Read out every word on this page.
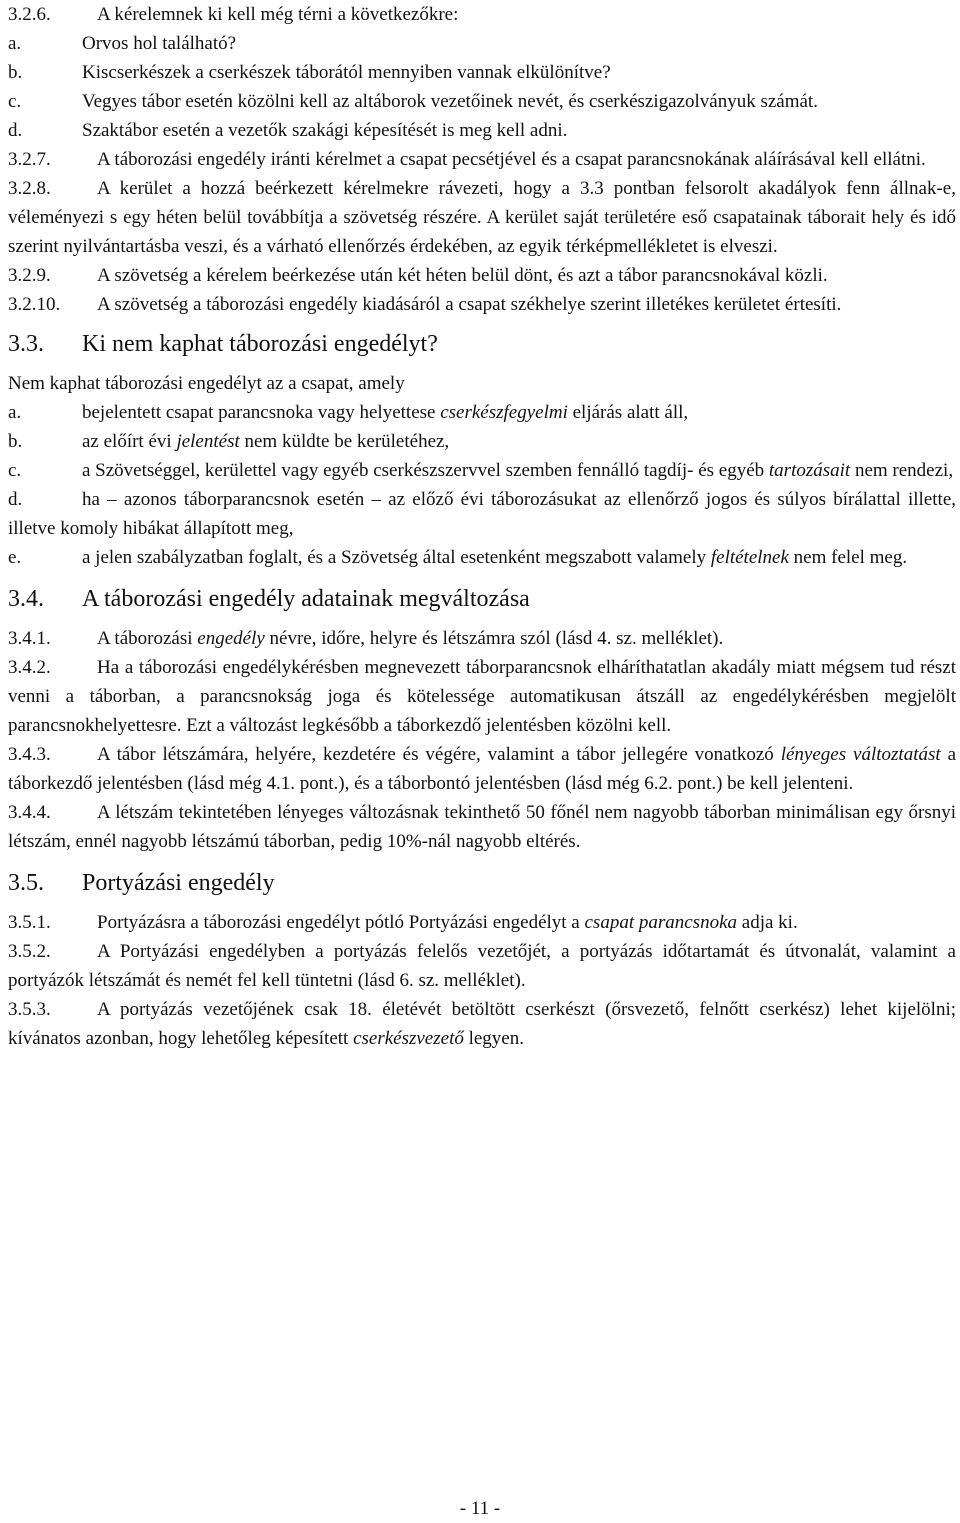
3.2.6. A kérelemnek ki kell még térni a következőkre:

a.	Orvos hol található?

b.	Kiscserkészek a cserkészek táborától mennyiben vannak elkülönítve?

c.	Vegyes tábor esetén közölni kell az altáborok vezetőinek nevét, és cserkészigazolványuk számát.

d.	Szaktábor esetén a vezetők szakági képesítését is meg kell adni.

3.2.7. A táborozási engedély iránti kérelmet a csapat pecsétjével és a csapat parancsnokának aláírásával kell ellátni.

3.2.8. A kerület a hozzá beérkezett kérelmekre rávezeti, hogy a 3.3 pontban felsorolt akadályok fenn állnak-e, véleményezi s egy héten belül továbbítja a szövetség részére. A kerület saját területére eső csapatainak táborait hely és idő szerint nyilvántartásba veszi, és a várható ellenőrzés érdekében, az egyik térképmellékletet is elveszi.

3.2.9. A szövetség a kérelem beérkezése után két héten belül dönt, és azt a tábor parancsnokával közli.

3.2.10. A szövetség a táborozási engedély kiadásáról a csapat székhelye szerint illetékes kerületet értesíti.

3.3. Ki nem kaphat táborozási engedélyt?

Nem kaphat táborozási engedélyt az a csapat, amely

a.	bejelentett csapat parancsnoka vagy helyettese cserkészfegyelmi eljárás alatt áll,

b.	az előírt évi jelentést nem küldte be kerületéhez,

c.	a Szövetséggel, kerülettel vagy egyéb cserkészszervvel szemben fennálló tagdíj- és egyéb tartozásait nem rendezi,

d.	ha – azonos táborparancsnok esetén – az előző évi táborozásukat az ellenőrző jogos és súlyos bírálattal illette, illetve komoly hibákat állapított meg,

e.	a jelen szabályzatban foglalt, és a Szövetség által esetenként megszabott valamely feltételnek nem felel meg.

3.4. A táborozási engedély adatainak megváltozása

3.4.1. A táborozási engedély névre, időre, helyre és létszámra szól (lásd 4. sz. melléklet).

3.4.2. Ha a táborozási engedélykérésben megnevezett táborparancsnok elháríthatatlan akadály miatt mégsem tud részt venni a táborban, a parancsnokság joga és kötelessége automatikusan átszáll az engedélykérésben megjelölt parancsnokhelyettesre. Ezt a változást legkésőbb a táborkezdő jelentésben közölni kell.

3.4.3. A tábor létszámára, helyére, kezdetére és végére, valamint a tábor jellegére vonatkozó lényeges változtatást a táborkezdő jelentésben (lásd még 4.1. pont.), és a táborbontó jelentésben (lásd még 6.2. pont.) be kell jelenteni.

3.4.4. A létszám tekintetében lényeges változásnak tekinthető 50 főnél nem nagyobb táborban minimálisan egy őrsnyi létszám, ennél nagyobb létszámú táborban, pedig 10%-nál nagyobb eltérés.

3.5. Portyázási engedély

3.5.1. Portyázásra a táborozási engedélyt pótló Portyázási engedélyt a csapat parancsnoka adja ki.

3.5.2. A Portyázási engedélyben a portyázás felelős vezetőjét, a portyázás időtartamát és útvonalát, valamint a portyázók létszámát és nemét fel kell tüntetni (lásd 6. sz. melléklet).

3.5.3. A portyázás vezetőjének csak 18. életévét betöltött cserkészt (őrsvezető, felnőtt cserkész) lehet kijelölni; kívánatos azonban, hogy lehetőleg képesített cserkészvezető legyen.

- 11 -
